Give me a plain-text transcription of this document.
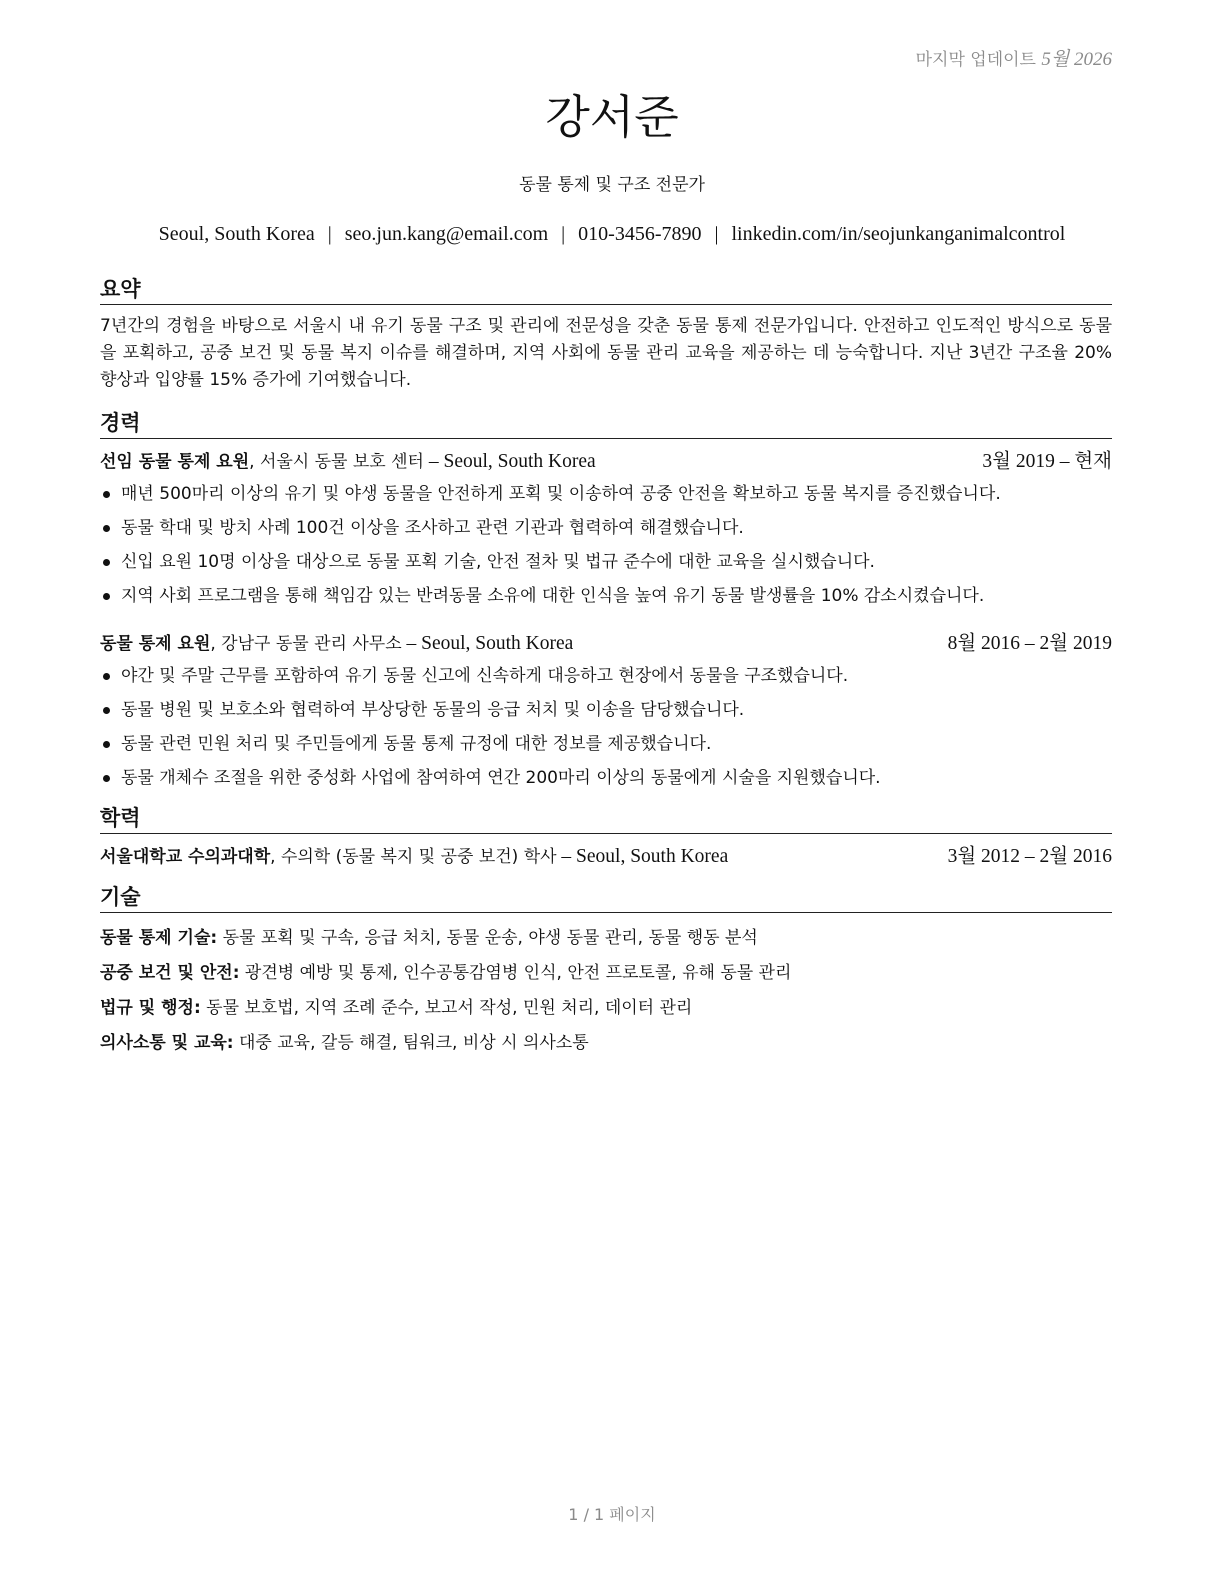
마지막 업데이트 5월 2026
강서준
동물 통제 및 구조 전문가
Seoul, South Korea | seo.jun.kang@email.com | 010-3456-7890 | linkedin.com/in/seojunkanganimalcontrol
요약
7년간의 경험을 바탕으로 서울시 내 유기 동물 구조 및 관리에 전문성을 갖춘 동물 통제 전문가입니다. 안전하고 인도적인 방식으로 동물을 포획하고, 공중 보건 및 동물 복지 이슈를 해결하며, 지역 사회에 동물 관리 교육을 제공하는 데 능숙합니다. 지난 3년간 구조율 20% 향상과 입양률 15% 증가에 기여했습니다.
경력
선임 동물 통제 요원, 서울시 동물 보호 센터 – Seoul, South Korea	3월 2019 – 현재
매년 500마리 이상의 유기 및 야생 동물을 안전하게 포획 및 이송하여 공중 안전을 확보하고 동물 복지를 증진했습니다.
동물 학대 및 방치 사례 100건 이상을 조사하고 관련 기관과 협력하여 해결했습니다.
신입 요원 10명 이상을 대상으로 동물 포획 기술, 안전 절차 및 법규 준수에 대한 교육을 실시했습니다.
지역 사회 프로그램을 통해 책임감 있는 반려동물 소유에 대한 인식을 높여 유기 동물 발생률을 10% 감소시켰습니다.
동물 통제 요원, 강남구 동물 관리 사무소 – Seoul, South Korea	8월 2016 – 2월 2019
야간 및 주말 근무를 포함하여 유기 동물 신고에 신속하게 대응하고 현장에서 동물을 구조했습니다.
동물 병원 및 보호소와 협력하여 부상당한 동물의 응급 처치 및 이송을 담당했습니다.
동물 관련 민원 처리 및 주민들에게 동물 통제 규정에 대한 정보를 제공했습니다.
동물 개체수 조절을 위한 중성화 사업에 참여하여 연간 200마리 이상의 동물에게 시술을 지원했습니다.
학력
서울대학교 수의과대학, 수의학 (동물 복지 및 공중 보건) 학사 – Seoul, South Korea	3월 2012 – 2월 2016
기술
동물 통제 기술: 동물 포획 및 구속, 응급 처치, 동물 운송, 야생 동물 관리, 동물 행동 분석
공중 보건 및 안전: 광견병 예방 및 통제, 인수공통감염병 인식, 안전 프로토콜, 유해 동물 관리
법규 및 행정: 동물 보호법, 지역 조례 준수, 보고서 작성, 민원 처리, 데이터 관리
의사소통 및 교육: 대중 교육, 갈등 해결, 팀워크, 비상 시 의사소통
1 / 1 페이지
